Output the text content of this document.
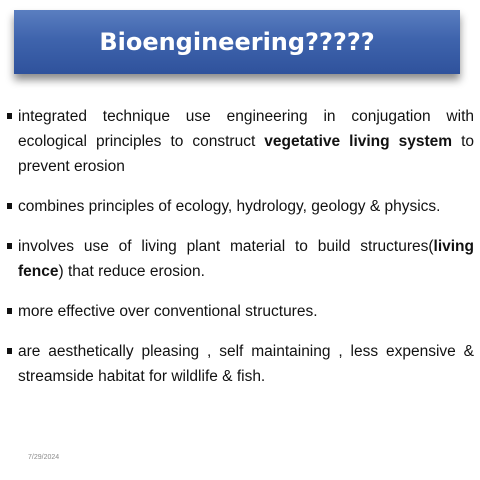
Bioengineering?????
integrated technique use engineering in conjugation with ecological principles to construct vegetative living system to prevent erosion
combines principles of ecology, hydrology, geology & physics.
involves use of living plant material to build structures(living fence) that reduce erosion.
more effective over conventional structures.
are aesthetically pleasing , self maintaining , less expensive & streamside habitat for wildlife & fish.
7/29/2024
